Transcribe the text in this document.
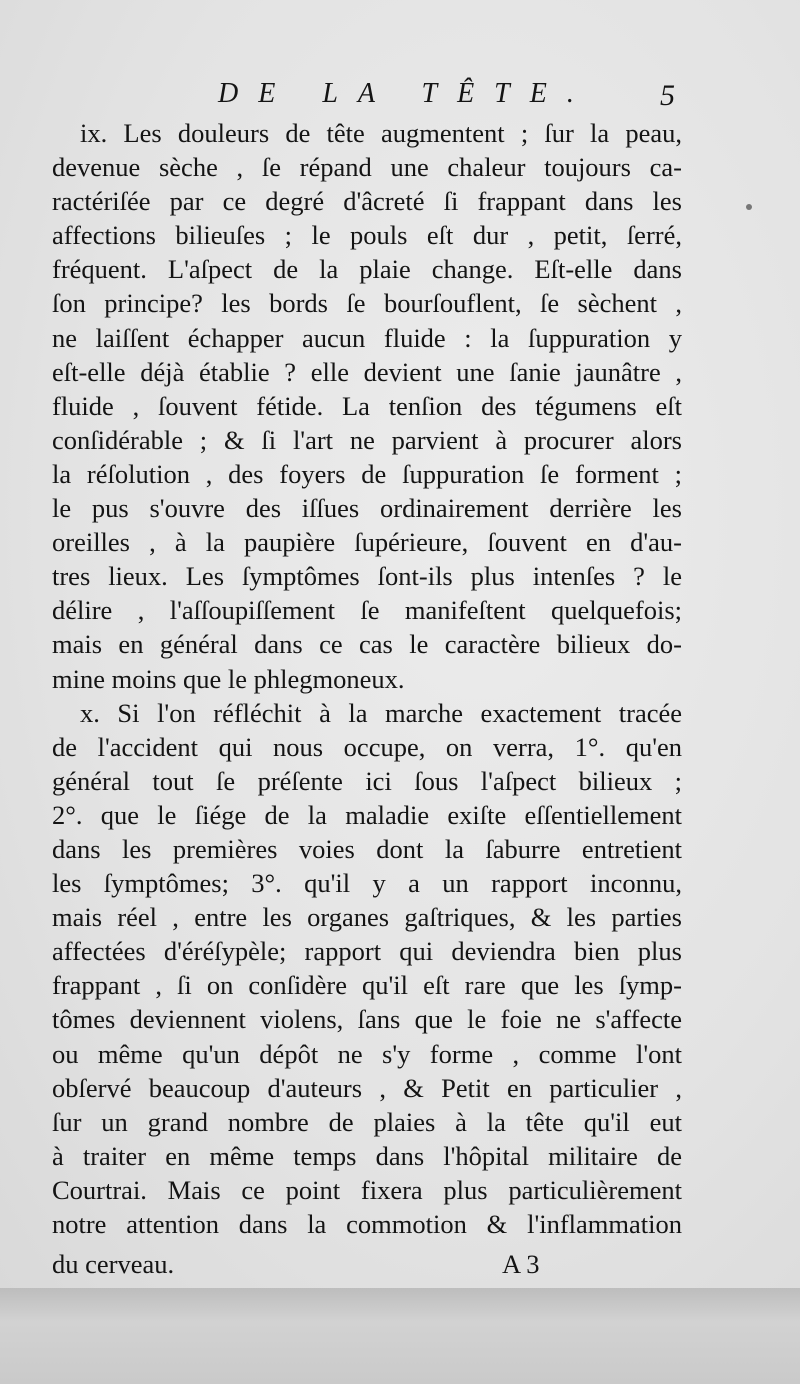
DE LA TÊTE. 5
ix. Les douleurs de tête augmentent ; ſur la peau,
devenue sèche , ſe répand une chaleur toujours ca-
ractériſée par ce degré d'âcreté ſi frappant dans les
affections bilieuſes ; le pouls eſt dur , petit, ſerré,
fréquent. L'aſpect de la plaie change. Eſt-elle dans
ſon principe? les bords ſe bourſouflent, ſe sèchent ,
ne laiſſent échapper aucun fluide : la ſuppuration y
eſt-elle déjà établie ? elle devient une ſanie jaunâtre ,
fluide , ſouvent fétide. La tenſion des tégumens eſt
conſidérable ; & ſi l'art ne parvient à procurer alors
la réſolution , des foyers de ſuppuration ſe forment ;
le pus s'ouvre des iſſues ordinairement derrière les
oreilles , à la paupière ſupérieure, ſouvent en d'au-
tres lieux. Les ſymptômes ſont-ils plus intenſes ? le
délire , l'aſſoupiſſement ſe manifeſtent quelquefois;
mais en général dans ce cas le caractère bilieux do-
mine moins que le phlegmoneux.
x. Si l'on réfléchit à la marche exactement tracée
de l'accident qui nous occupe, on verra, 1°. qu'en
général tout ſe préſente ici ſous l'aſpect bilieux ;
2°. que le ſiége de la maladie exiſte eſſentiellement
dans les premières voies dont la ſaburre entretient
les ſymptômes; 3°. qu'il y a un rapport inconnu,
mais réel , entre les organes gaſtriques, & les parties
affectées d'éréſypèle; rapport qui deviendra bien plus
frappant , ſi on conſidère qu'il eſt rare que les ſymp-
tômes deviennent violens, ſans que le foie ne s'affecte
ou même qu'un dépôt ne s'y forme , comme l'ont
obſervé beaucoup d'auteurs , & Petit en particulier ,
ſur un grand nombre de plaies à la tête qu'il eut
à traiter en même temps dans l'hôpital militaire de
Courtrai. Mais ce point fixera plus particulièrement
notre attention dans la commotion & l'inflammation
du cerveau.	A 3
